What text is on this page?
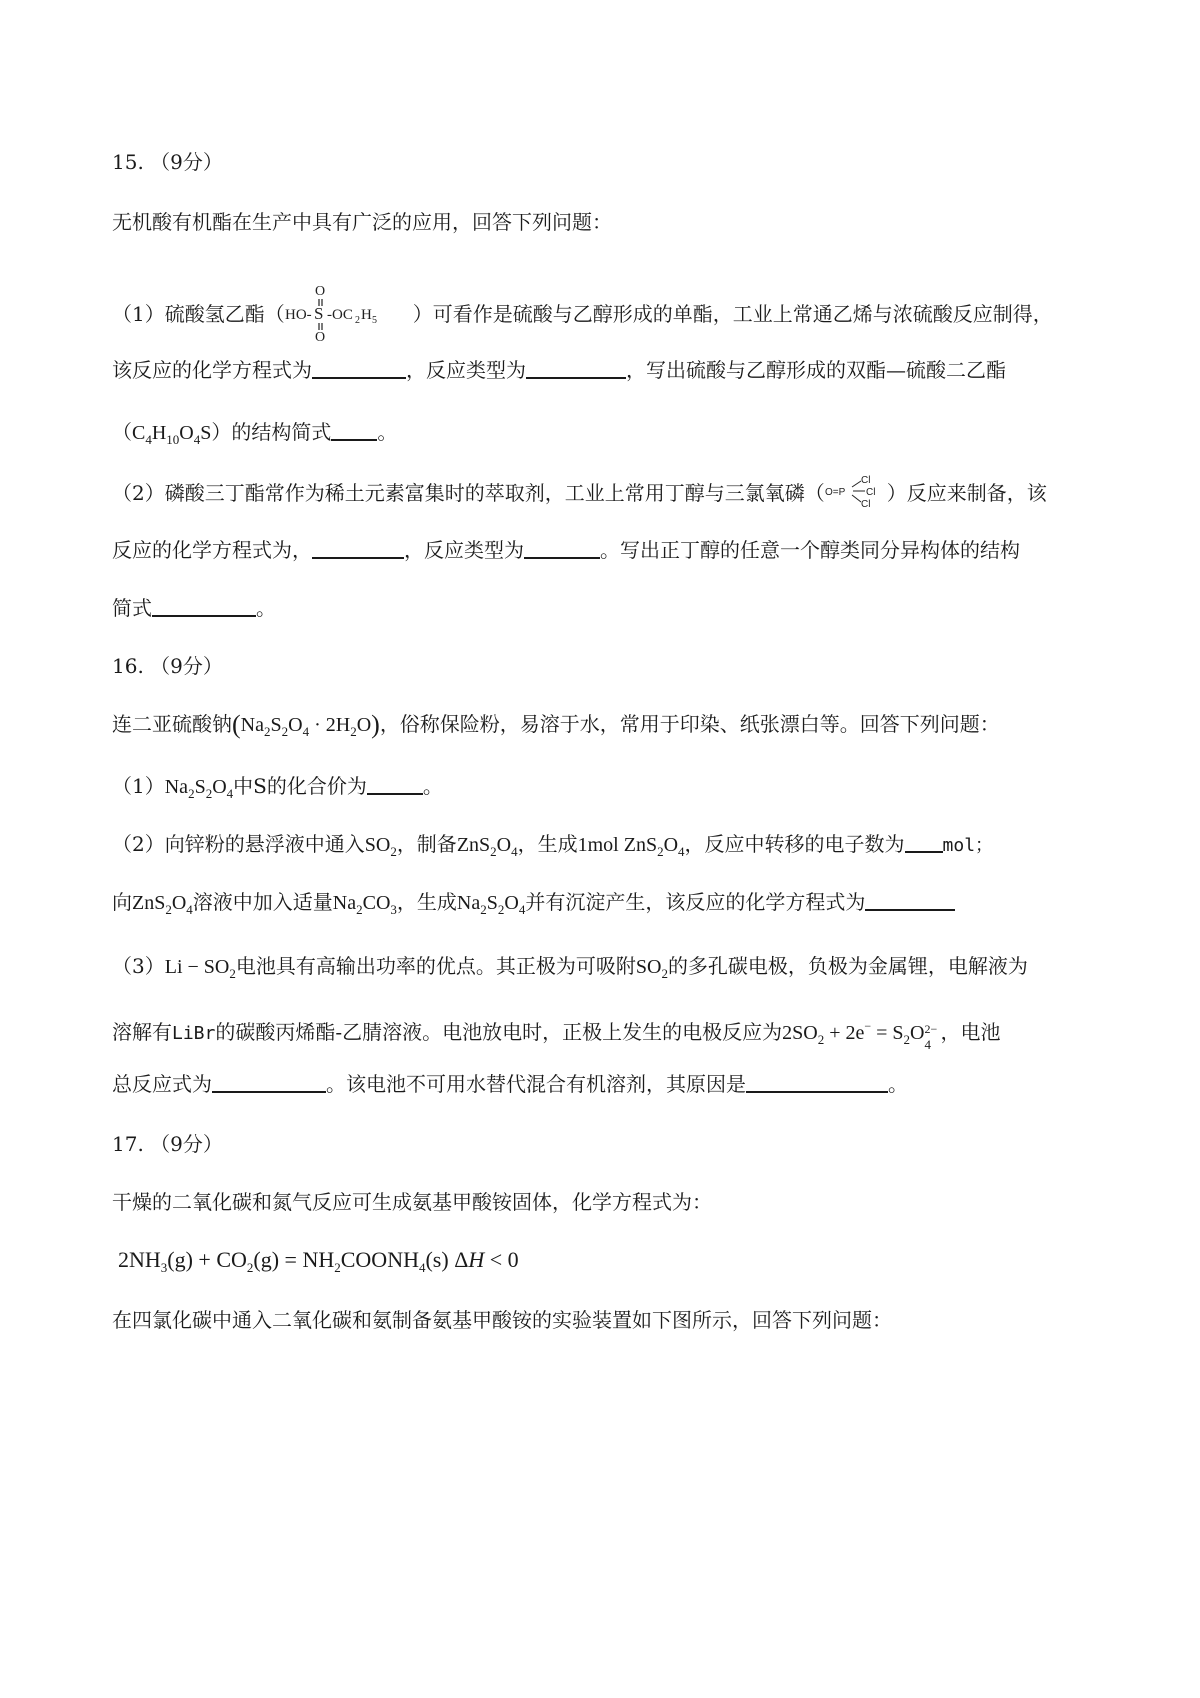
15. （9分）
无机酸有机酯在生产中具有广泛的应用，回答下列问题：
（1）硫酸氢乙酯（ HO- S
O
O
-OC 2 H 5 ）可看作是硫酸与乙醇形成的单酯，工业上常通乙烯与浓硫酸反应制得，
该反应的化学方程式为	，反应类型为	，写出硫酸与乙醇形成的双酯—硫酸二乙酯
$(C_4H_{10}O_4S)$的结构简式 。
（2）磷酸三丁酯常作为稀土元素富集时的萃取剂，工业上常用丁醇与三氯氧磷（ O=P
Cl
Cl
Cl ）反应来制备，该
反应的化学方程式为，	，反应类型为	。写出正丁醇的任意一个醇类同分异构体的结构
简式	。
16. （9分）
连二亚硫酸钠$(Na_2S_2O_4 \cdot 2H_2O)$，俗称保险粉，易溶于水，常用于印染、纸张漂白等。回答下列问题：
$(1)Na_2S_2O_4$中S的化合价为	。
（2）向锌粉的悬浮液中通入$SO_2$，制备$ZnS_2O_4$，生成1mol $ZnS_2O_4$，反应中转移的电子数为 mol；
向$ZnS_2O_4$溶液中加入适量$Na_2CO_3$，生成$Na_2S_2O_4$并有沉淀产生，该反应的化学方程式为
$(3)Li - SO_2$电池具有高输出功率的优点。其正极为可吸附$SO_2$的多孔碳电极，负极为金属锂，电解液为
溶解有LiBr的碳酸丙烯酯-乙腈溶液。电池放电时，正极上发生的电极反应为$2SO_2 + 2e^- = S_2O$ 2−
4
，电池
总反应式为	。该电池不可用水替代混合有机溶剂，其原因是	。
17. （9分）
干燥的二氧化碳和氮气反应可生成氨基甲酸铵固体，化学方程式为：
$2NH_3(g) + CO_2(g)$ = $NH_2COONH_4(s) \Delta H < 0$
在四氯化碳中通入二氧化碳和氨制备氨基甲酸铵的实验装置如下图所示，回答下列问题：
